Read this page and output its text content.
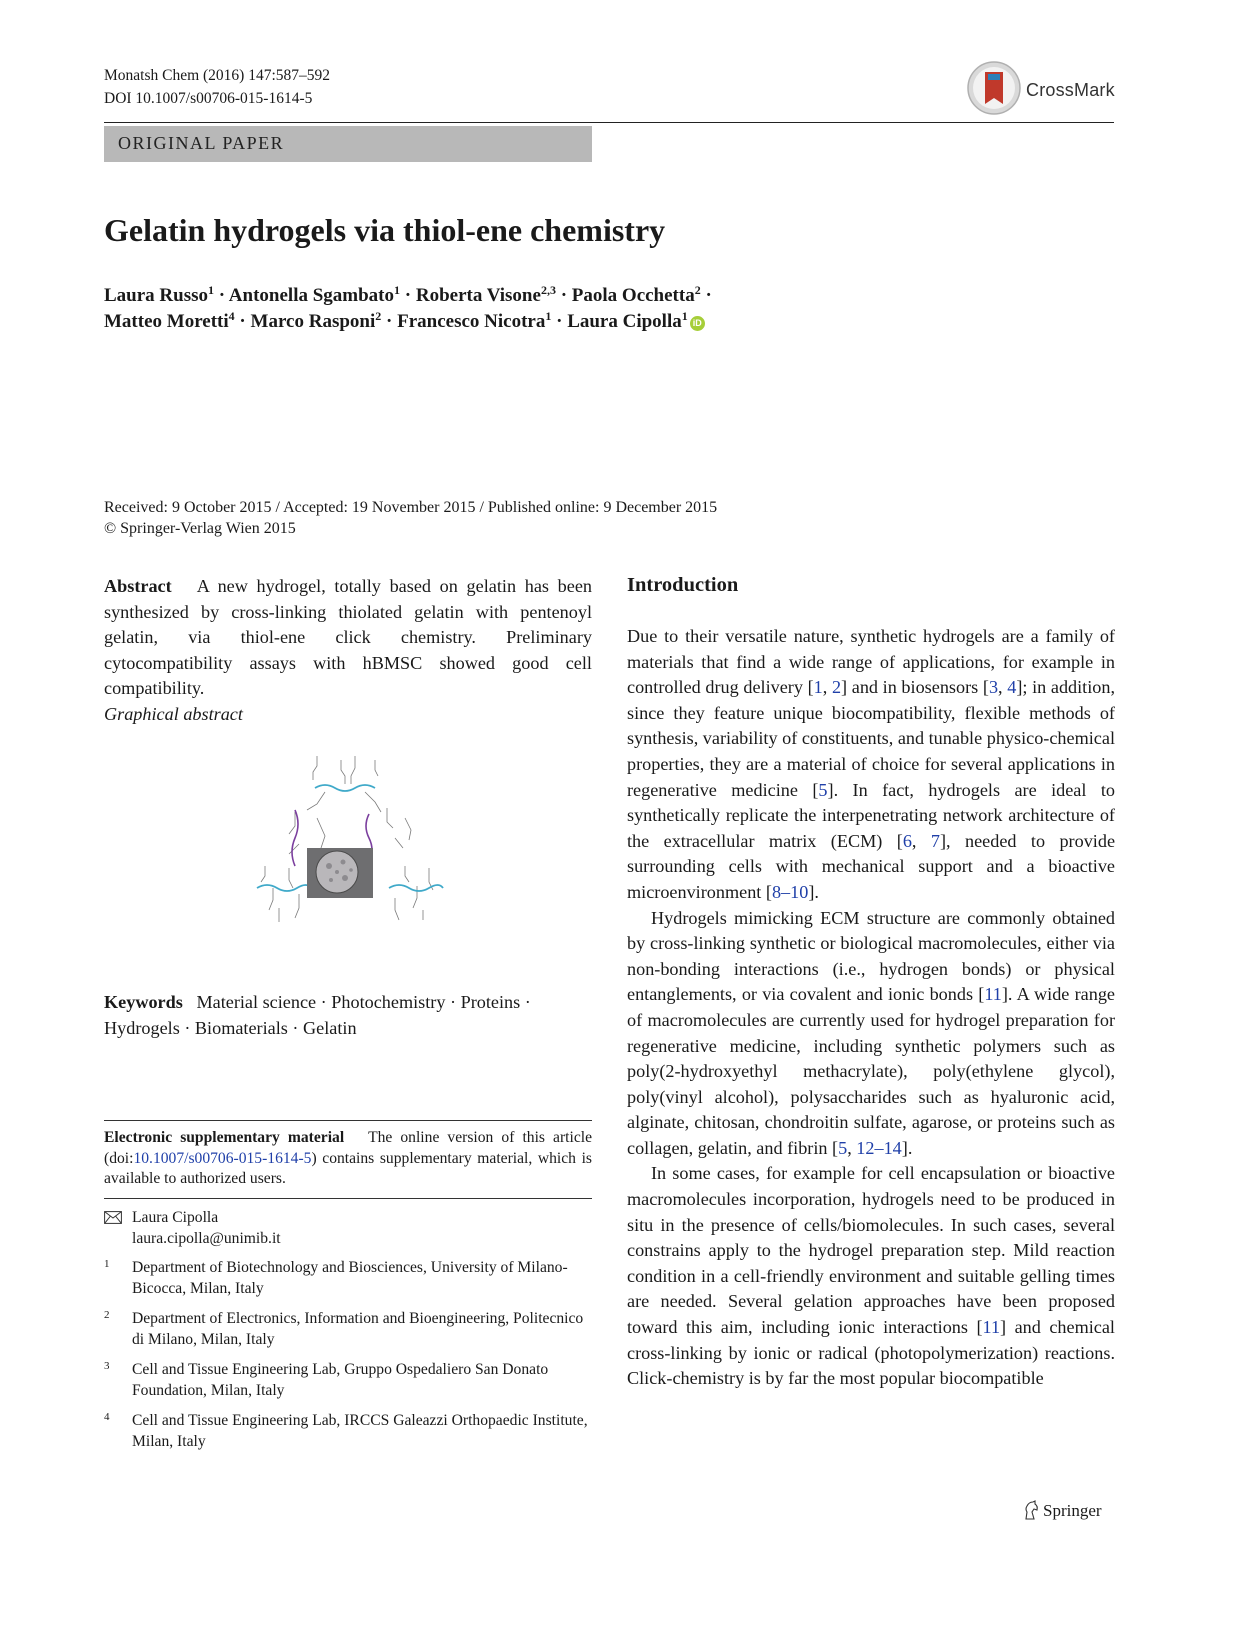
Monatsh Chem (2016) 147:587–592
DOI 10.1007/s00706-015-1614-5	CrossMark
ORIGINAL PAPER
Gelatin hydrogels via thiol-ene chemistry
Laura Russo$^1$ · Antonella Sgambato$^1$ · Roberta Visone$^{2,3}$ · Paola Occhetta$^2$ ·
Matteo Moretti$^4$ · Marco Rasponi$^2$ · Francesco Nicotra$^1$ · Laura Cipolla$^1$ iD
Received: 9 October 2015 / Accepted: 19 November 2015 / Published online: 9 December 2015
© Springer-Verlag Wien 2015
Abstract A new hydrogel, totally based on gelatin has been synthesized by cross-linking thiolated gelatin with pentenoyl gelatin, via thiol-ene click chemistry. Preliminary cytocompatibility assays with hBMSC showed good cell compatibility.
Graphical abstract
Keywords Material science · Photochemistry · Proteins · Hydrogels · Biomaterials · Gelatin
Electronic supplementary material The online version of this article (doi:10.1007/s00706-015-1614-5) contains supplementary material, which is available to authorized users.
Laura Cipolla
laura.cipolla@unimib.it
1 Department of Biotechnology and Biosciences, University of Milano-Bicocca, Milan, Italy
2 Department of Electronics, Information and Bioengineering, Politecnico di Milano, Milan, Italy
3 Cell and Tissue Engineering Lab, Gruppo Ospedaliero San Donato Foundation, Milan, Italy
4 Cell and Tissue Engineering Lab, IRCCS Galeazzi Orthopaedic Institute, Milan, Italy
Introduction

Due to their versatile nature, synthetic hydrogels are a family of materials that find a wide range of applications, for example in controlled drug delivery [1, 2] and in biosensors [3, 4]; in addition, since they feature unique biocompatibility, flexible methods of synthesis, variability of constituents, and tunable physico-chemical properties, they are a material of choice for several applications in regenerative medicine [5]. In fact, hydrogels are ideal to synthetically replicate the interpenetrating network architecture of the extracellular matrix (ECM) [6, 7], needed to provide surrounding cells with mechanical support and a bioactive microenvironment [8–10].

Hydrogels mimicking ECM structure are commonly obtained by cross-linking synthetic or biological macromolecules, either via non-bonding interactions (i.e., hydrogen bonds) or physical entanglements, or via covalent and ionic bonds [11]. A wide range of macromolecules are currently used for hydrogel preparation for regenerative medicine, including synthetic polymers such as poly(2-hydroxyethyl methacrylate), poly(ethylene glycol), poly(vinyl alcohol), polysaccharides such as hyaluronic acid, alginate, chitosan, chondroitin sulfate, agarose, or proteins such as collagen, gelatin, and fibrin [5, 12–14].

In some cases, for example for cell encapsulation or bioactive macromolecules incorporation, hydrogels need to be produced in situ in the presence of cells/biomolecules. In such cases, several constrains apply to the hydrogel preparation step. Mild reaction condition in a cell-friendly environment and suitable gelling times are needed. Several gelation approaches have been proposed toward this aim, including ionic interactions [11] and chemical cross-linking by ionic or radical (photopolymerization) reactions. Click-chemistry is by far the most popular biocompatible

Springer
